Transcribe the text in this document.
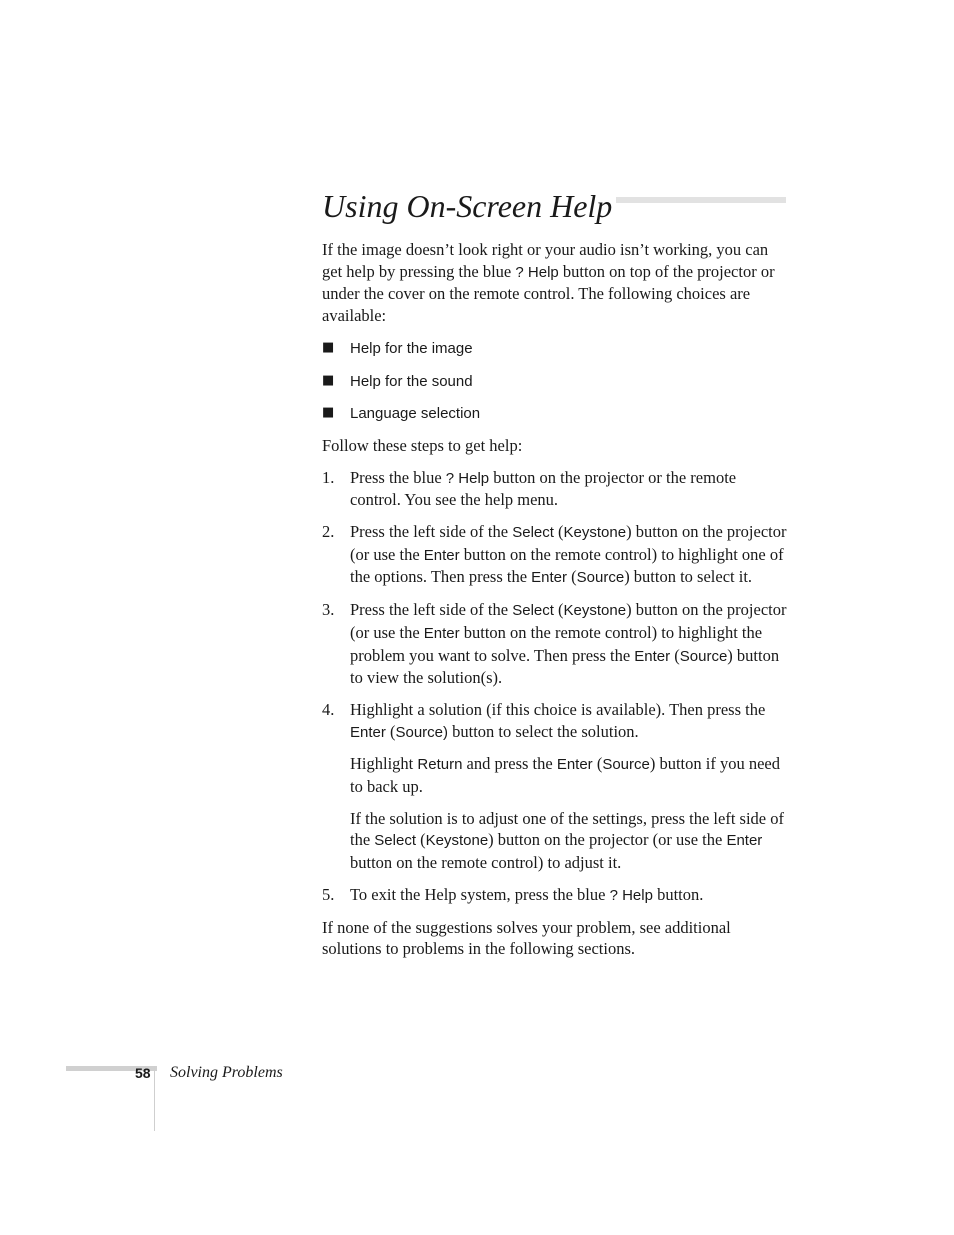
Using On-Screen Help

If the image doesn’t look right or your audio isn’t working, you can get help by pressing the blue ? Help button on top of the projector or under the cover on the remote control. The following choices are available:

■ Help for the image
■ Help for the sound
■ Language selection

Follow these steps to get help:

1. Press the blue ? Help button on the projector or the remote control. You see the help menu.
2. Press the left side of the Select (Keystone) button on the projector (or use the Enter button on the remote control) to highlight one of the options. Then press the Enter (Source) button to select it.
3. Press the left side of the Select (Keystone) button on the projector (or use the Enter button on the remote control) to highlight the problem you want to solve. Then press the Enter (Source) button to view the solution(s).
4. Highlight a solution (if this choice is available). Then press the Enter (Source) button to select the solution.

Highlight Return and press the Enter (Source) button if you need to back up.

If the solution is to adjust one of the settings, press the left side of the Select (Keystone) button on the projector (or use the Enter button on the remote control) to adjust it.

5. To exit the Help system, press the blue ? Help button.

If none of the suggestions solves your problem, see additional solutions to problems in the following sections.

58 Solving Problems
